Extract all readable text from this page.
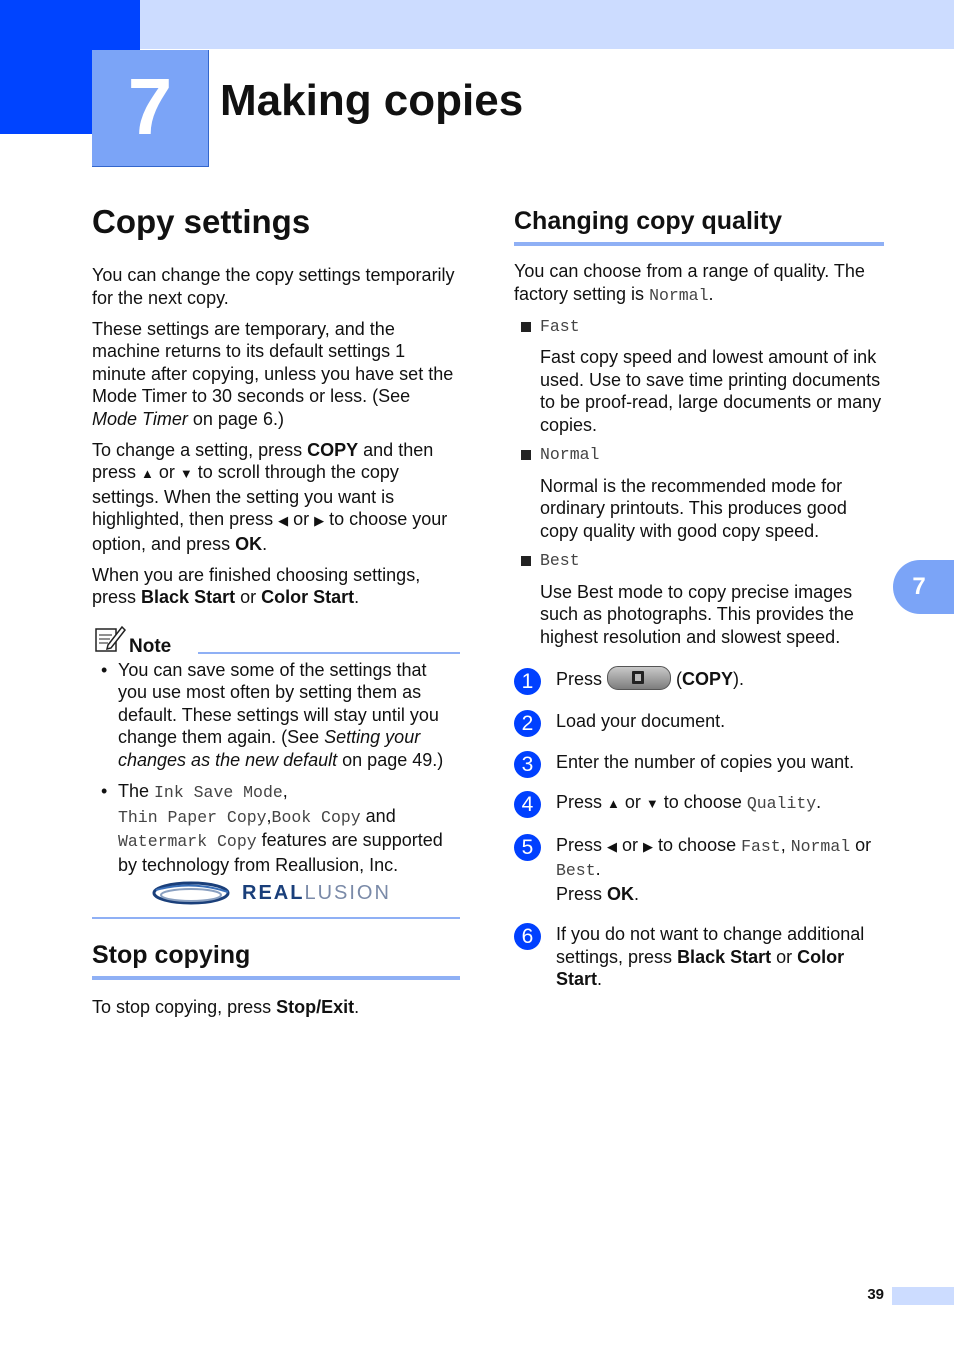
7	Making copies
Copy settings

You can change the copy settings temporarily for the next copy.

These settings are temporary, and the machine returns to its default settings 1 minute after copying, unless you have set the Mode Timer to 30 seconds or less. (See Mode Timer on page 6.)

To change a setting, press COPY and then press ▲ or ▼ to scroll through the copy settings. When the setting you want is highlighted, then press ◀ or ▶ to choose your option, and press OK.

When you are finished choosing settings, press Black Start or Color Start.

Note
• You can save some of the settings that you use most often by setting them as default. These settings will stay until you change them again. (See Setting your changes as the new default on page 49.)
• The Ink Save Mode,
Thin Paper Copy,Book Copy and
Watermark Copy features are supported by technology from Reallusion, Inc.
REALLUSION
Stop copying

To stop copying, press Stop/Exit.

Changing copy quality

You can choose from a range of quality. The factory setting is Normal.

Fast
Fast copy speed and lowest amount of ink used. Use to save time printing documents to be proof-read, large documents or many copies.
Normal
Normal is the recommended mode for ordinary printouts. This produces good copy quality with good copy speed.
Best
Use Best mode to copy precise images such as photographs. This provides the highest resolution and slowest speed.
1	Press	(COPY).
2	Load your document.
3	Enter the number of copies you want.
4	Press ▲ or ▼ to choose Quality.
5	Press ◀ or ▶ to choose Fast, Normal or Best.
Press OK.
6	If you do not want to change additional settings, press Black Start or Color Start.
7
39
